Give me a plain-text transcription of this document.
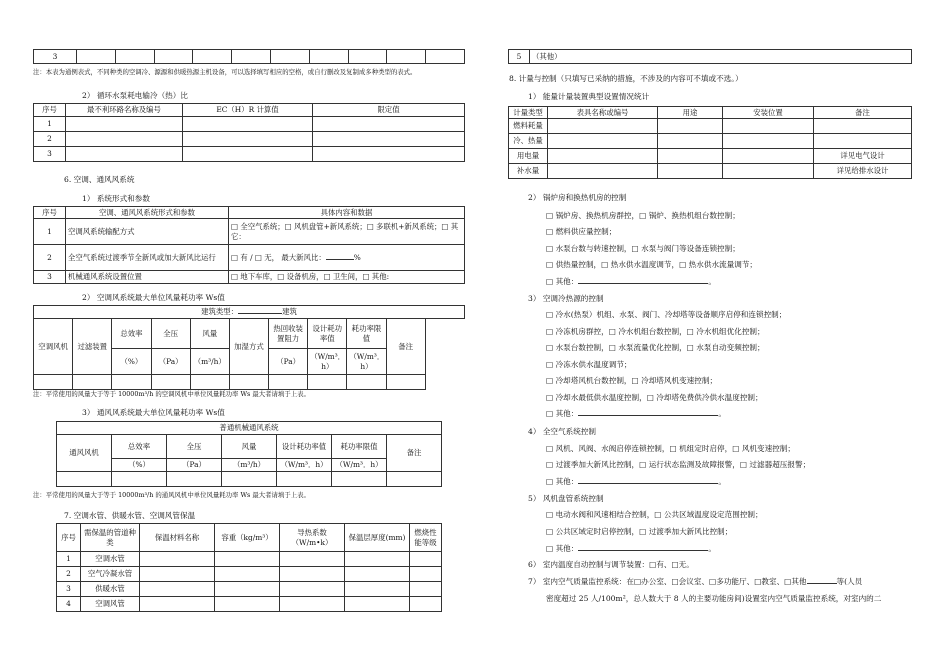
3										
注：本表为通例表式，不同种类的空调冷、源源和供暖热源主机设备，可以选择填写相应的空格，或自行删改及复制成多种类型的表式。
2） 循环水泵耗电输冷（热）比
序号	最不利环路名称及编号	EC（H）R 计算值	限定值
1			
2			
3			
6. 空调、通风风系统
1） 系统形式和参数
序号	空调、通风风系统形式和参数	具体内容和数据
1	空调风系统输配方式	□ 全空气系统；□ 风机盘管+新风系统；□ 多联机+新风系统；□ 其它：
2	全空气系统过渡季节全新风或加大新风比运行	□ 有 / □ 无， 最大新风比： %
3	机械通风系统设置位置	□ 地下车库，□ 设备机房，□ 卫生间，□ 其他:
2） 空调风系统最大单位风量耗功率 Ws值
建筑类型： 建筑									
空调风机	过滤装置	总效率	全压	风量	加湿方式	热回收装置阻力	设计耗功率值	耗功率限值	备注
		（%）	（Pa）	（m³/h）		（Pa）	（W/m³．h）	（W/m³．h）	

注：平常使用的风量大于等于 10000m³/h 的空调风机中单位风量耗功率 Ws 最大者请填于上表。
3） 通风风系统最大单位风量耗功率 Ws值
普通机械通风系统						
通风风机	总效率	全压	风量	设计耗功率值	耗功率限值	备注
	（%）	（Pa）	（m³/h）	（W/m³．h）	（W/m³．h）	

注：平常使用的风量大于等于 10000m³/h 的通风风机中单位风量耗功率 Ws 最大者请填于上表。
7. 空调水管、供暖水管、空调风管保温
序号	需保温的管道种类	保温材料名称	容重（kg/m³）	导热系数（W/m•k）	保温层厚度(mm)	燃烧性能等级
1	空调水管					
2	空气冷凝水管					
3	供暖水管					
4	空调风管					
5	（其他）
8. 计量与控制（只填写已采纳的措施，不涉及的内容可不填或不选。）
1） 能量计量装置典型设置情况统计
计量类型	表具名称或编号	用途	安装位置	备注
燃料耗量				
冷、热量				
用电量				详见电气设计
补水量				详见给排水设计
2） 锅炉房和换热机房的控制
□ 锅炉房、换热机房群控，□ 锅炉、换热机组台数控制；
□ 燃料供应量控制；
□ 水泵台数与转速控制，□ 水泵与阀门等设备连锁控制；
□ 供热量控制，□ 热水供水温度调节，□ 热水供水流量调节；
□ 其他：	。
3） 空调冷热源的控制
□ 冷水(热泵）机组、水泵、阀门、冷却塔等设备顺序启停和连锁控制；
□ 冷冻机房群控，□ 冷水机组台数控制，□ 冷水机组优化控制；
□ 水泵台数控制，□ 水泵流量优化控制，□ 水泵自动变频控制；
□ 冷冻水供水温度调节；
□ 冷却塔风机台数控制，□ 冷却塔风机变速控制；
□ 冷却水最低供水温度控制，□ 冷却塔免费供冷供水温度控制；
□ 其他：	。
4） 全空气系统控制
□ 风机、风阀、水阀启停连锁控制，□ 机组定时启停，□ 风机变速控制；
□ 过渡季加大新风比控制，□ 运行状态监测及故障报警，□ 过滤器超压报警；
□ 其他：	。
5） 风机盘管系统控制
□ 电动水阀和风速相结合控制，□ 公共区域温度设定范围控制；
□ 公共区域定时启停控制，□ 过渡季加大新风比控制；
□ 其他：	。
6） 室内温度自动控制与调节装置：□有、□无。
7） 室内空气质量监控系统：在□办公室、□会议室、□多功能厅、□教室、□其他	等(人员
密度超过 25 人/100m²，总人数大于 8 人的主要功能房间)设置室内空气质量监控系统，对室内的二
